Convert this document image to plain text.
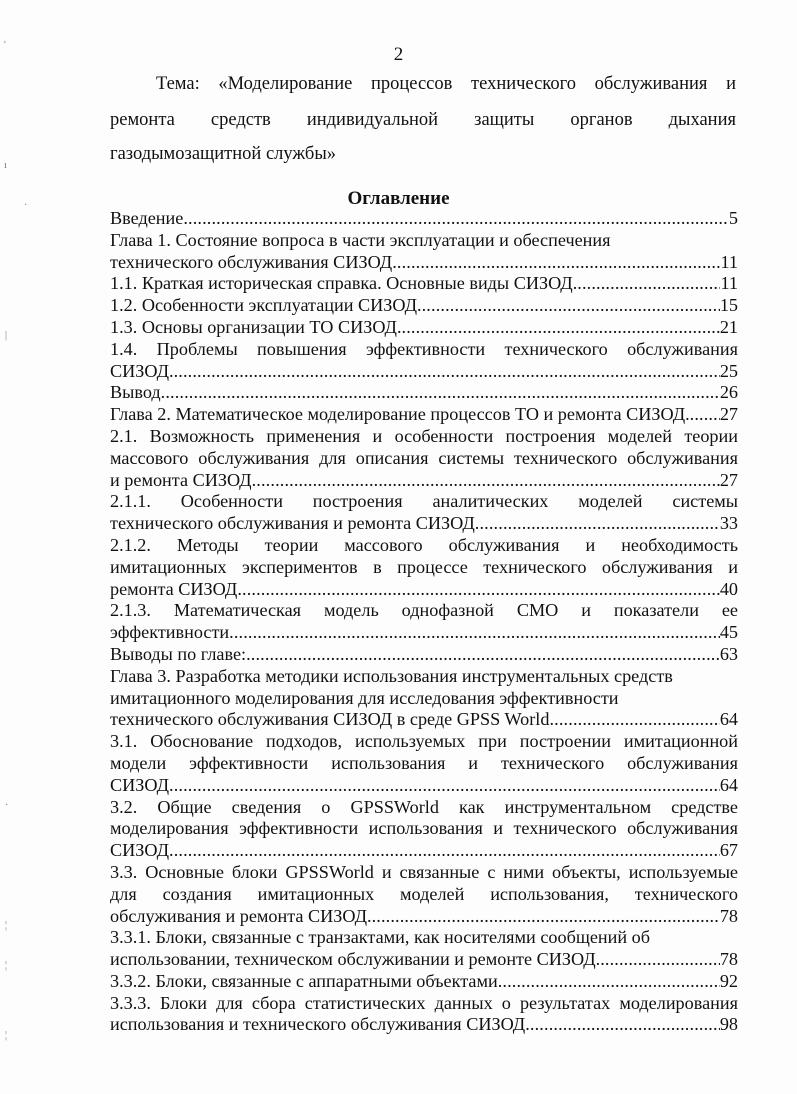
2
Тема: «Моделирование процессов технического обслуживания и
ремонта средств индивидуальной защиты органов дыхания
газодымозащитной службы»
Оглавление
Введение . . .	5
Глава 1. Состояние вопроса в части эксплуатации и обеспечения
технического обслуживания СИЗОД . . .	11
1.1. Краткая историческая справка. Основные виды СИЗОД. . . .	11
1.2. Особенности эксплуатации СИЗОД. . . .	15
1.3. Основы организации ТО СИЗОД. . . .	21
1.4. Проблемы повышения эффективности технического обслуживания
СИЗОД. . . .	25
Вывод . . .	26
Глава 2. Математическое моделирование процессов ТО и ремонта СИЗОД. . . . 27
2.1. Возможность применения и особенности построения моделей теории
массового обслуживания для описания системы технического обслуживания
и ремонта СИЗОД . . .	27
2.1.1. Особенности построения аналитических моделей системы
технического обслуживания и ремонта СИЗОД . . .	33
2.1.2. Методы теории массового обслуживания и необходимость
имитационных экспериментов в процессе технического обслуживания и
ремонта СИЗОД . . .	40
2.1.3. Математическая модель однофазной СМО и показатели ее
эффективности . . .	45
Выводы по главе: . . .	63
Глава 3. Разработка методики использования инструментальных средств
имитационного моделирования для исследования эффективности
технического обслуживания СИЗОД в среде GPSS World . . .	64
3.1. Обоснование подходов, используемых при построении имитационной
модели эффективности использования и технического обслуживания
СИЗОД . . .	64
3.2. Общие сведения о GPSSWorld как инструментальном средстве
моделирования эффективности использования и технического обслуживания
СИЗОД . . .	67
3.3. Основные блоки GPSSWorld и связанные с ними объекты, используемые
для создания имитационных моделей использования, технического
обслуживания и ремонта СИЗОД. . . .	78
3.3.1. Блоки, связанные с транзактами, как носителями сообщений об
использовании, техническом обслуживании и ремонте СИЗОД. . . .	78
3.3.2. Блоки, связанные с аппаратными объектами . . .	92
3.3.3. Блоки для сбора статистических данных о результатах моделирования
использования и технического обслуживания СИЗОД . . .	98
'
ı
·
|
·
¦
¦
¦
